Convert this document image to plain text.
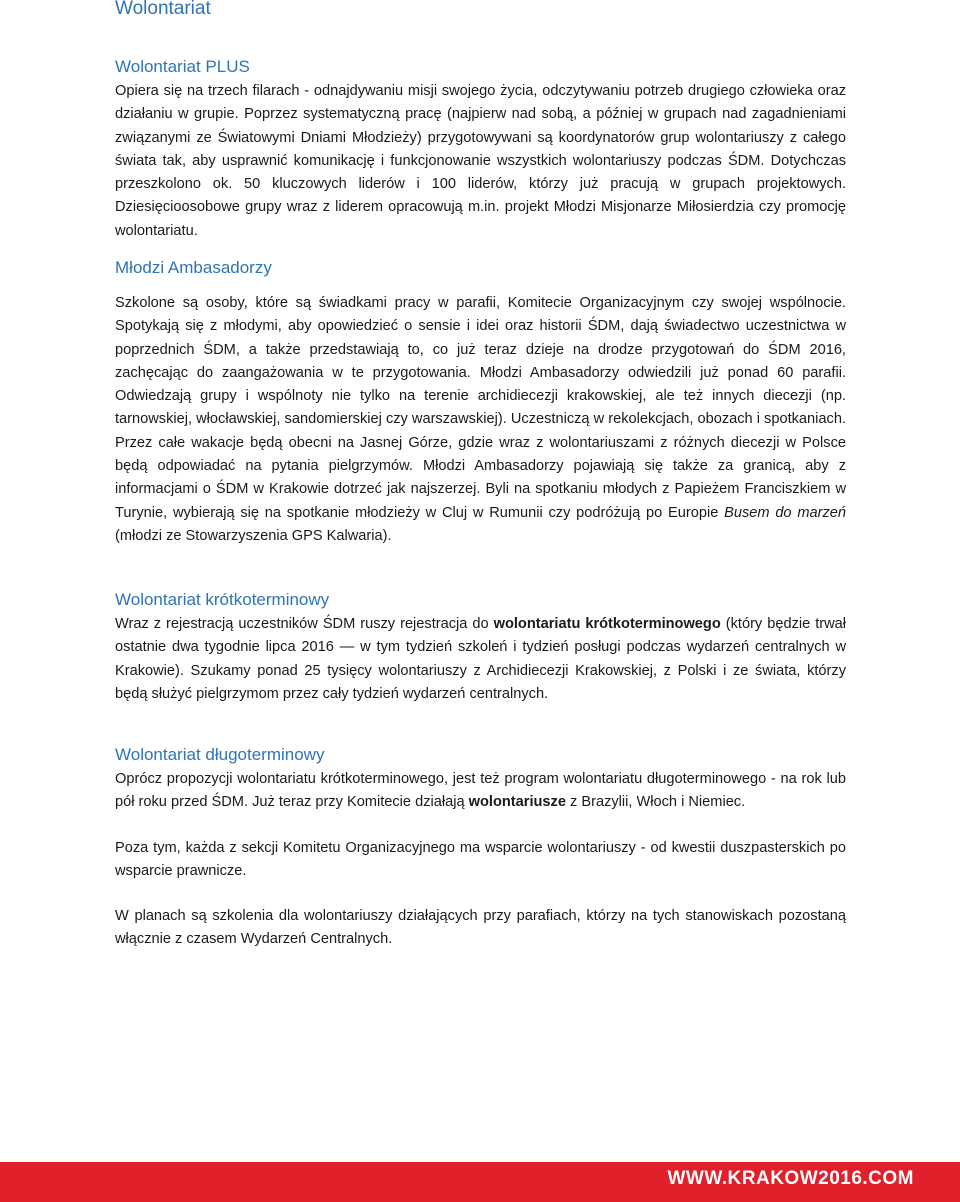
Wolontariat
Wolontariat PLUS

Opiera się na trzech filarach - odnajdywaniu misji swojego życia, odczytywaniu potrzeb drugiego człowieka oraz działaniu w grupie. Poprzez systematyczną pracę (najpierw nad sobą, a później w grupach nad zagadnieniami związanymi ze Światowymi Dniami Młodzieży) przygotowywani są koordynatorów grup wolontariuszy z całego świata tak, aby usprawnić komunikację i funkcjonowanie wszystkich wolontariuszy podczas ŚDM. Dotychczas przeszkolono ok. 50 kluczowych liderów i 100 liderów, którzy już pracują w grupach projektowych. Dziesięcioosobowe grupy wraz z liderem opracowują m.in. projekt Młodzi Misjonarze Miłosierdzia czy promocję wolontariatu.

Młodzi Ambasadorzy

Szkolone są osoby, które są świadkami pracy w parafii, Komitecie Organizacyjnym czy swojej wspólnocie. Spotykają się z młodymi, aby opowiedzieć o sensie i idei oraz historii ŚDM, dają świadectwo uczestnictwa w poprzednich ŚDM, a także przedstawiają to, co już teraz dzieje na drodze przygotowań do ŚDM 2016, zachęcając do zaangażowania w te przygotowania. Młodzi Ambasadorzy odwiedzili już ponad 60 parafii. Odwiedzają grupy i wspólnoty nie tylko na terenie archidiecezji krakowskiej, ale też innych diecezji (np. tarnowskiej, włocławskiej, sandomierskiej czy warszawskiej). Uczestniczą w rekolekcjach, obozach i spotkaniach. Przez całe wakacje będą obecni na Jasnej Górze, gdzie wraz z wolontariuszami z różnych diecezji w Polsce będą odpowiadać na pytania pielgrzymów. Młodzi Ambasadorzy pojawiają się także za granicą, aby z informacjami o ŚDM w Krakowie dotrzeć jak najszerzej. Byli na spotkaniu młodych z Papieżem Franciszkiem w Turynie, wybierają się na spotkanie młodzieży w Cluj w Rumunii czy podróżują po Europie Busem do marzeń (młodzi ze Stowarzyszenia GPS Kalwaria).

Wolontariat krótkoterminowy

Wraz z rejestracją uczestników ŚDM ruszy rejestracja do wolontariatu krótkoterminowego (który będzie trwał ostatnie dwa tygodnie lipca 2016 — w tym tydzień szkoleń i tydzień posługi podczas wydarzeń centralnych w Krakowie). Szukamy ponad 25 tysięcy wolontariuszy z Archidiecezji Krakowskiej, z Polski i ze świata, którzy będą służyć pielgrzymom przez cały tydzień wydarzeń centralnych.

Wolontariat długoterminowy

Oprócz propozycji wolontariatu krótkoterminowego, jest też program wolontariatu długoterminowego - na rok lub pół roku przed ŚDM. Już teraz przy Komitecie działają wolontariusze z Brazylii, Włoch i Niemiec.

Poza tym, każda z sekcji Komitetu Organizacyjnego ma wsparcie wolontariuszy - od kwestii duszpasterskich po wsparcie prawnicze.

W planach są szkolenia dla wolontariuszy działających przy parafiach, którzy na tych stanowiskach pozostaną włącznie z czasem Wydarzeń Centralnych.

WWW.KRAKOW2016.COM
